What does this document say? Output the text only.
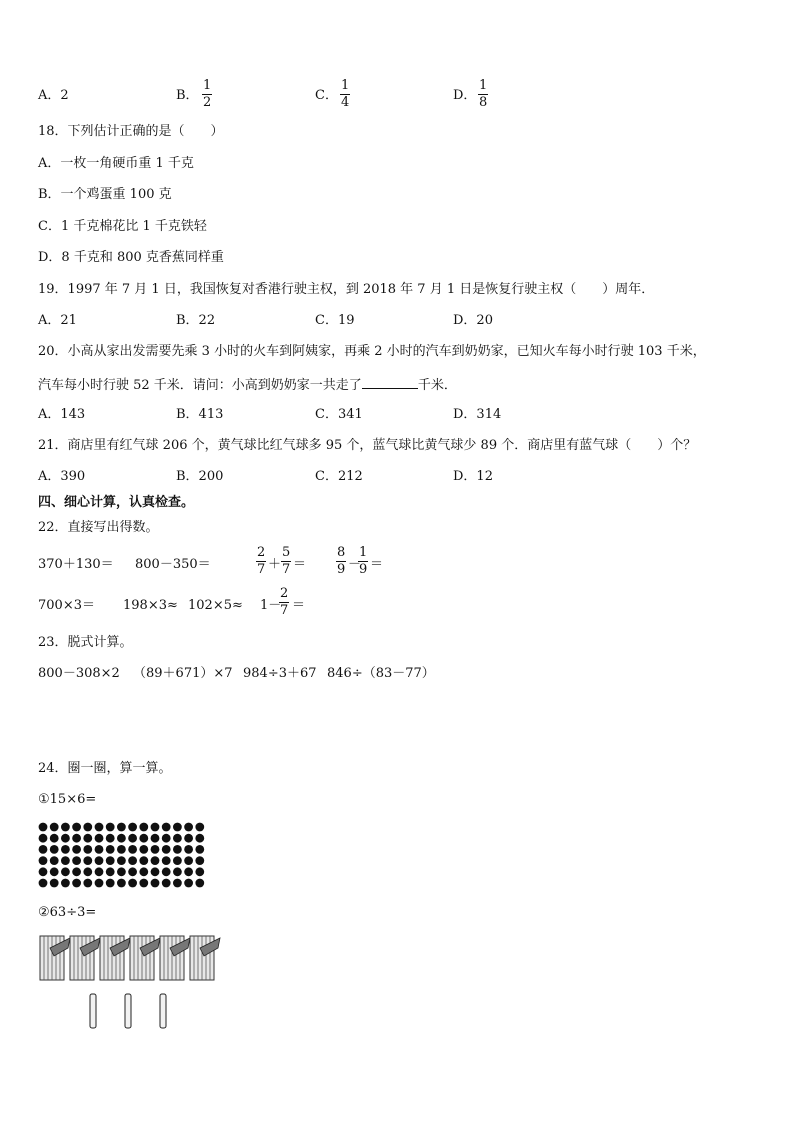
A．2	B．
1
2	C．
1
4	D．
1
8
18．下列估计正确的是（　　）
A．一枚一角硬币重 1 千克
B．一个鸡蛋重 100 克
C．1 千克棉花比 1 千克铁轻
D．8 千克和 800 克香蕉同样重
19．1997 年 7 月 1 日，我国恢复对香港行驶主权，到 2018 年 7 月 1 日是恢复行驶主权（　　）周年．
A．21	B．22	C．19	D．20
20．小高从家出发需要先乘 3 小时的火车到阿姨家，再乘 2 小时的汽车到奶奶家，已知火车每小时行驶 103 千米，
汽车每小时行驶 52 千米．请问：小高到奶奶家一共走了	千米．
A．143	B．413	C．341	D．314
21．商店里有红气球 206 个，黄气球比红气球多 95 个，蓝气球比黄气球少 89 个．商店里有蓝气球（　　）个？
A．390	B．200	C．212	D．12
四、细心计算，认真检查。
22．直接写出得数。
370＋130＝ 800－350＝
2
7 ＋
5
7 ＝
8
9 －
1
9 ＝
700×3＝ 198×3≈ 102×5≈ 1－
2
7 ＝
23．脱式计算。
800－308×2 （89＋671）×7 984÷3＋67 846÷（83－77）
24．圈一圈，算一算。
①15×6=
②63÷3=
